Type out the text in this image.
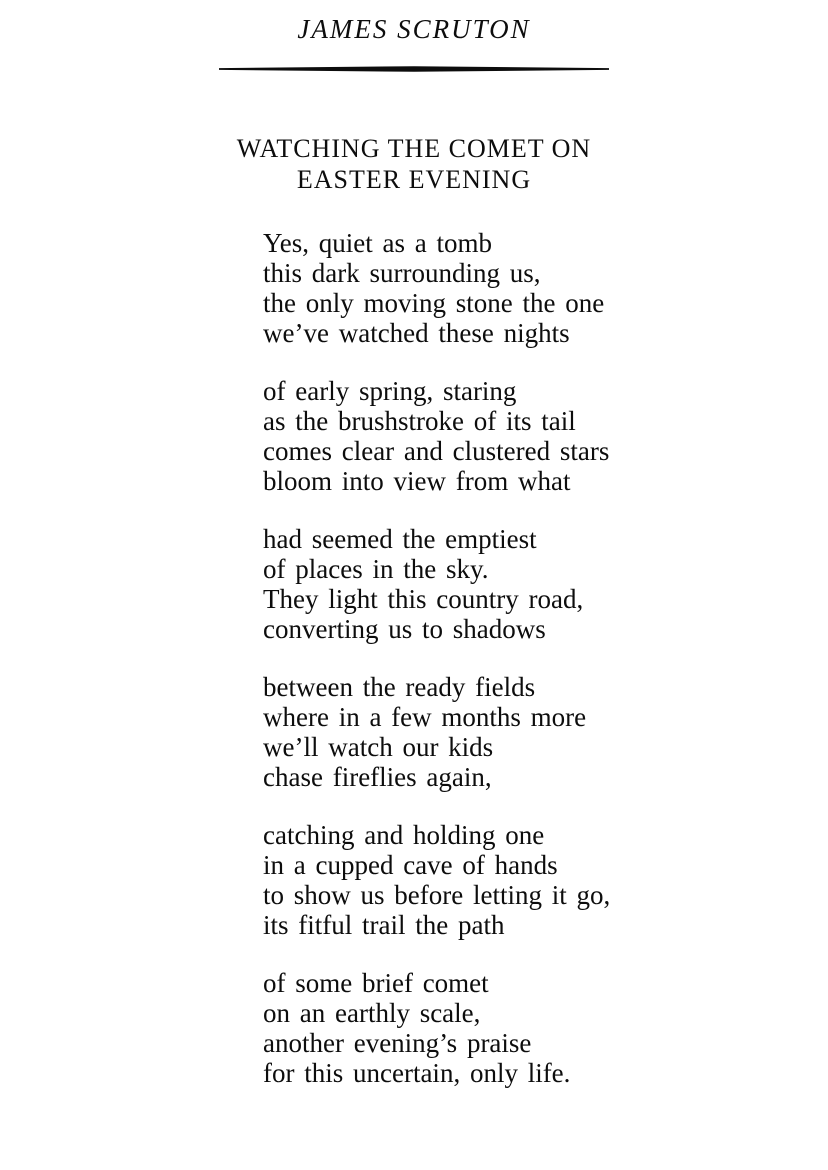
JAMES SCRUTON
WATCHING THE COMET ON
EASTER EVENING
Yes, quiet as a tomb
this dark surrounding us,
the only moving stone the one
we’ve watched these nights
of early spring, staring
as the brushstroke of its tail
comes clear and clustered stars
bloom into view from what
had seemed the emptiest
of places in the sky.
They light this country road,
converting us to shadows
between the ready fields
where in a few months more
we’ll watch our kids
chase fireflies again,
catching and holding one
in a cupped cave of hands
to show us before letting it go,
its fitful trail the path
of some brief comet
on an earthly scale,
another evening’s praise
for this uncertain, only life.
